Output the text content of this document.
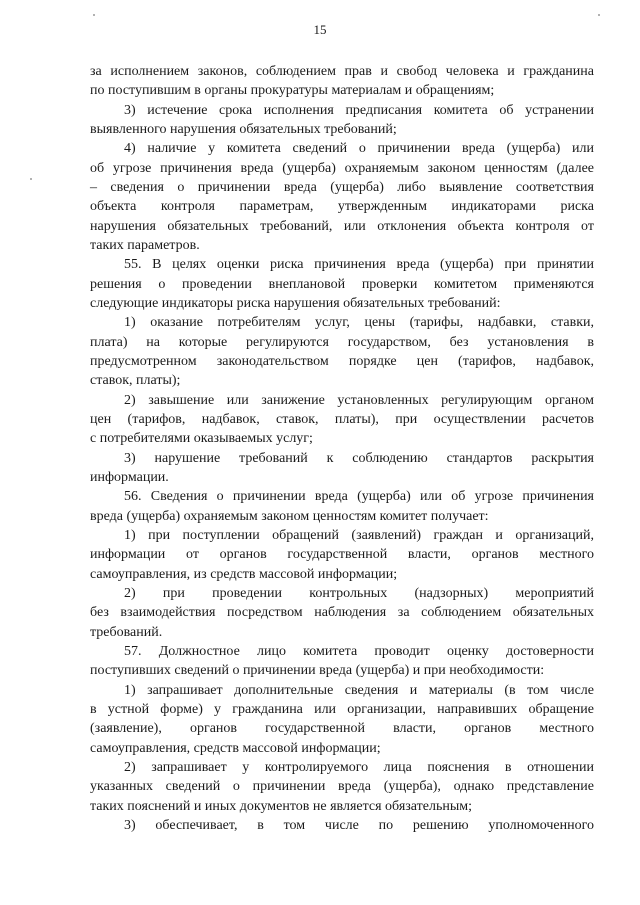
15
за исполнением законов, соблюдением прав и свобод человека и гражданина
по поступившим в органы прокуратуры материалам и обращениям;
3) истечение срока исполнения предписания комитета об устранении
выявленного нарушения обязательных требований;
4) наличие у комитета сведений о причинении вреда (ущерба) или
об угрозе причинения вреда (ущерба) охраняемым законом ценностям (далее
– сведения о причинении вреда (ущерба) либо выявление соответствия
объекта контроля параметрам, утвержденным индикаторами риска
нарушения обязательных требований, или отклонения объекта контроля от
таких параметров.
55. В целях оценки риска причинения вреда (ущерба) при принятии
решения о проведении внеплановой проверки комитетом применяются
следующие индикаторы риска нарушения обязательных требований:
1) оказание потребителям услуг, цены (тарифы, надбавки, ставки,
плата) на которые регулируются государством, без установления в
предусмотренном законодательством порядке цен (тарифов, надбавок,
ставок, платы);
2) завышение или занижение установленных регулирующим органом
цен (тарифов, надбавок, ставок, платы), при осуществлении расчетов
с потребителями оказываемых услуг;
3) нарушение требований к соблюдению стандартов раскрытия
информации.
56. Сведения о причинении вреда (ущерба) или об угрозе причинения
вреда (ущерба) охраняемым законом ценностям комитет получает:
1) при поступлении обращений (заявлений) граждан и организаций,
информации от органов государственной власти, органов местного
самоуправления, из средств массовой информации;
2) при проведении контрольных (надзорных) мероприятий
без взаимодействия посредством наблюдения за соблюдением обязательных
требований.
57. Должностное лицо комитета проводит оценку достоверности
поступивших сведений о причинении вреда (ущерба) и при необходимости:
1) запрашивает дополнительные сведения и материалы (в том числе
в устной форме) у гражданина или организации, направивших обращение
(заявление), органов государственной власти, органов местного
самоуправления, средств массовой информации;
2) запрашивает у контролируемого лица пояснения в отношении
указанных сведений о причинении вреда (ущерба), однако представление
таких пояснений и иных документов не является обязательным;
3) обеспечивает, в том числе по решению уполномоченного
